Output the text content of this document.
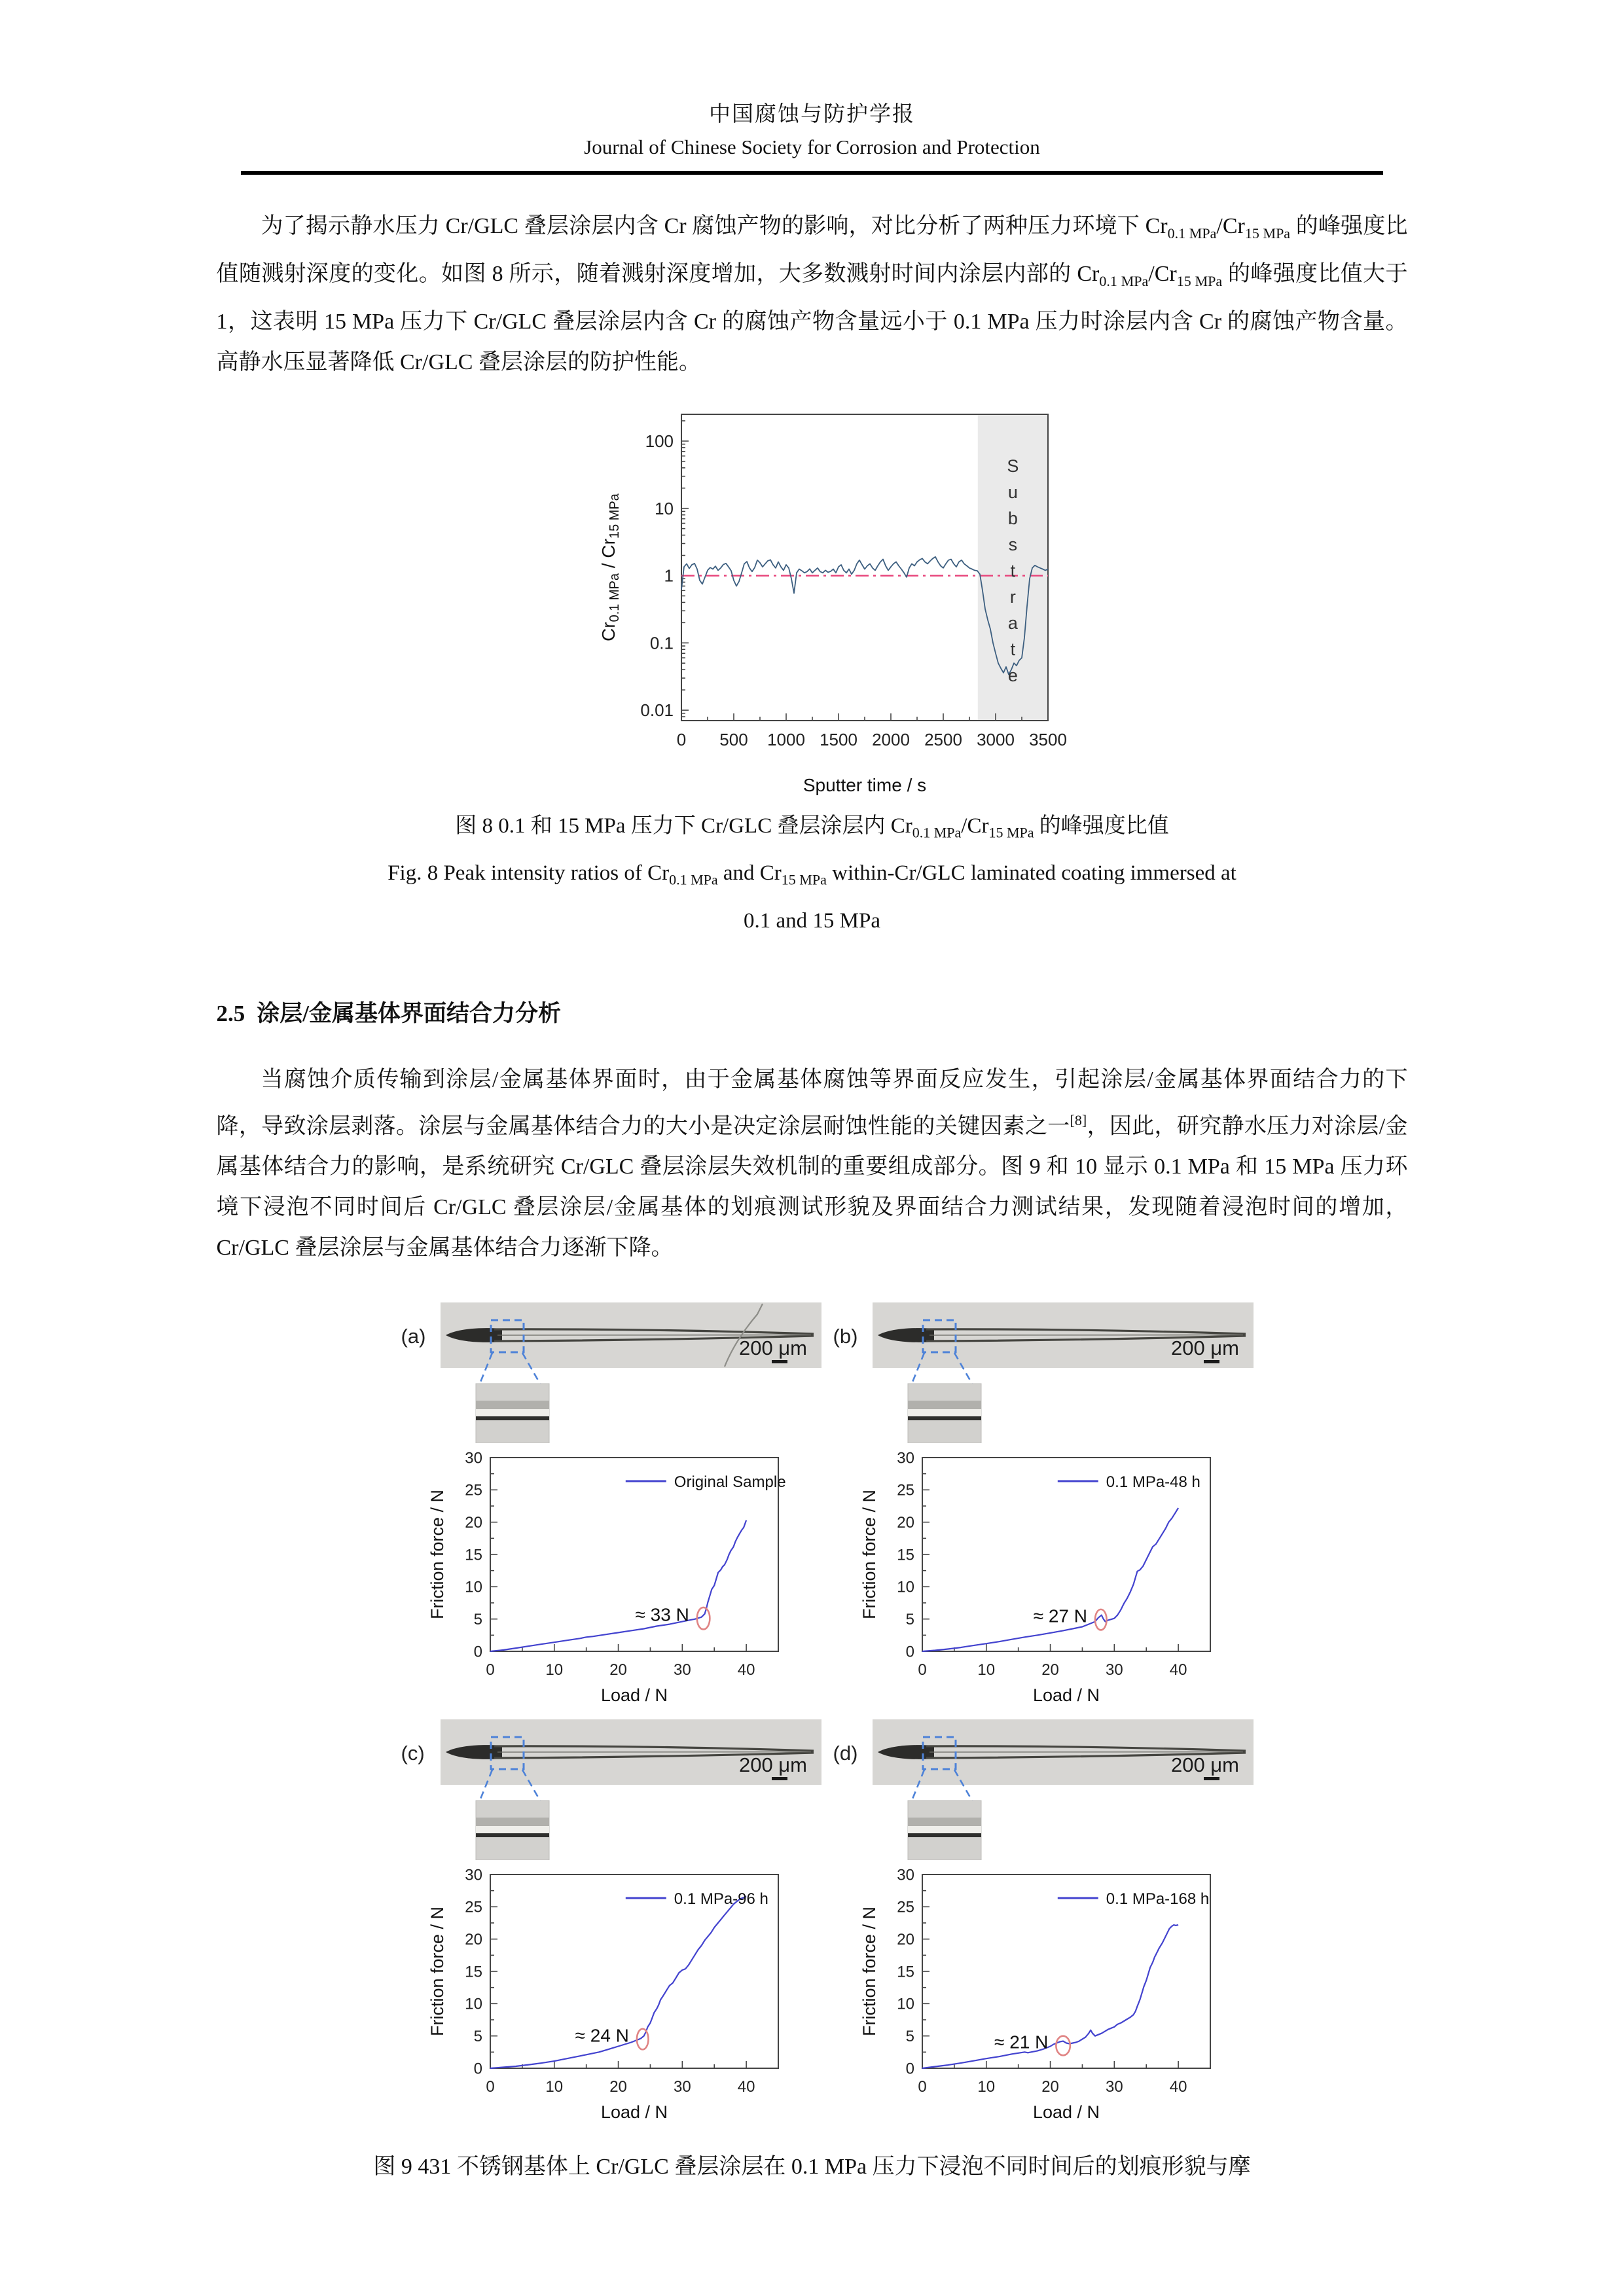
中国腐蚀与防护学报
Journal of Chinese Society for Corrosion and Protection

为了揭示静水压力 Cr/GLC 叠层涂层内含 Cr 腐蚀产物的影响，对比分析了两种压力环境下 $Cr_{0.1 MPa}/Cr_{15 MPa}$ 的峰强度比值随溅射深度的变化。如图 8 所示，随着溅射深度增加，大多数溅射时间内涂层内部的 $Cr_{0.1 MPa}/Cr_{15 MPa}$ 的峰强度比值大于 1，这表明 15 MPa 压力下 Cr/GLC 叠层涂层内含 Cr 的腐蚀产物含量远小于 0.1 MPa 压力时涂层内含 Cr 的腐蚀产物含量。高静水压显著降低 Cr/GLC 叠层涂层的防护性能。

0 500 1000 1500 2000 2500 3000 3500
0.01
0.1
1
10
100
Sputter time / s
$Cr_{0.1 MPa} / Cr_{15 MPa}$
S
u
b
s
t
r
a
t
e
图 8 0.1 和 15 MPa 压力下 Cr/GLC 叠层涂层内 $Cr_{0.1 MPa}/Cr_{15 MPa}$ 的峰强度比值
Fig. 8 Peak intensity ratios of $Cr_{0.1 MPa}$ and $Cr_{15 MPa}$ within-Cr/GLC laminated coating immersed at
0.1 and 15 MPa
2.5 涂层/金属基体界面结合力分析

当腐蚀介质传输到涂层/金属基体界面时，由于金属基体腐蚀等界面反应发生，引起涂层/金属基体界面结合力的下降，导致涂层剥落。涂层与金属基体结合力的大小是决定涂层耐蚀性能的关键因素之一[8]，因此，研究静水压力对涂层/金属基体结合力的影响，是系统研究 Cr/GLC 叠层涂层失效机制的重要组成部分。图 9 和 10 显示 0.1 MPa 和 15 MPa 压力环境下浸泡不同时间后 Cr/GLC 叠层涂层/金属基体的划痕测试形貌及界面结合力测试结果，发现随着浸泡时间的增加，Cr/GLC 叠层涂层与金属基体结合力逐渐下降。

(a)
200 μm
Original Sample
≈ 33 N
0	10	20	30	40
0
5
10
15
20
25
30
Load / N
Friction force / N
(b)
200 μm
0.1 MPa-48 h
≈ 27 N
0	10	20	30	40
0
5
10
15
20
25
30
Load / N
Friction force / N
(c)
200 μm
0.1 MPa-96 h
≈ 24 N
0	10	20	30	40
0
5
10
15
20
25
30
Load / N
Friction force / N
(d)
200 μm
0.1 MPa-168 h
≈ 21 N
0	10	20	30	40
0
5
10
15
20
25
30
Load / N
Friction force / N
图 9 431 不锈钢基体上 Cr/GLC 叠层涂层在 0.1 MPa 压力下浸泡不同时间后的划痕形貌与摩
